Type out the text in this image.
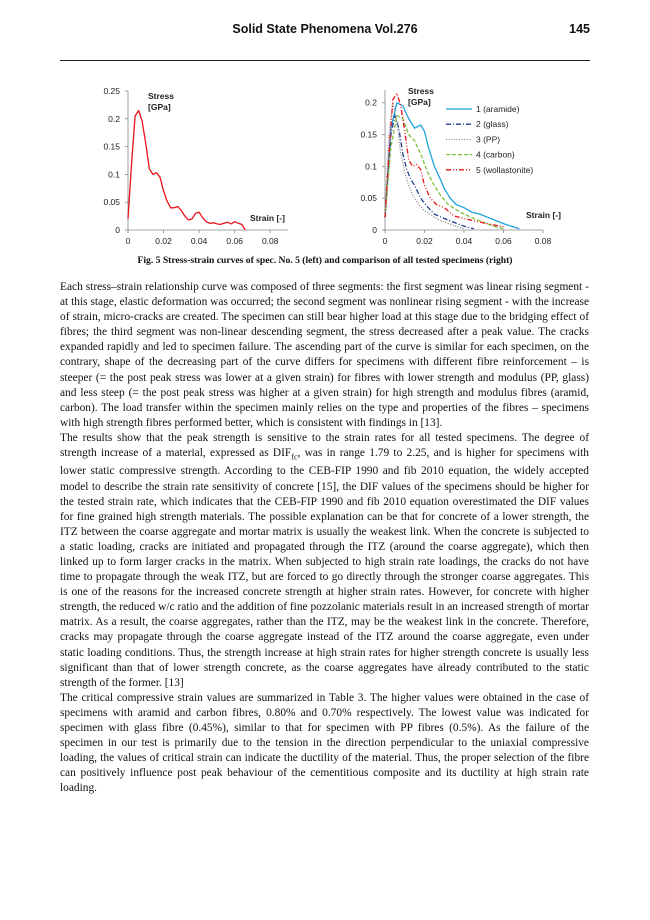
Solid State Phenomena Vol.276	145
0
0.05
0.1
0.15
0.2
0.25
0	0.02 0.04 0.06 0.08
Stress [GPa]
Strain [-]
0
0.05
0.1
0.15
0.2
0	0.02	0.04	0.06	0.08
Stress [GPa]
Strain [-]
1 (aramide)
2 (glass)
3 (PP)
4 (carbon)
5 (wollastonite)
Fig. 5 Stress-strain curves of spec. No. 5 (left) and comparison of all tested specimens (right)

Each stress–strain relationship curve was composed of three segments: the first segment was linear rising segment - at this stage, elastic deformation was occurred; the second segment was nonlinear rising segment - with the increase of strain, micro-cracks are created. The specimen can still bear higher load at this stage due to the bridging effect of fibres; the third segment was non-linear descending segment, the stress decreased after a peak value. The cracks expanded rapidly and led to specimen failure. The ascending part of the curve is similar for each specimen, on the contrary, shape of the decreasing part of the curve differs for specimens with different fibre reinforcement – is steeper (= the post peak stress was lower at a given strain) for fibres with lower strength and modulus (PP, glass) and less steep (= the post peak stress was higher at a given strain) for high strength and modulus fibres (aramid, carbon). The load transfer within the specimen mainly relies on the type and properties of the fibres – specimens with high strength fibres performed better, which is consistent with findings in [13].

The results show that the peak strength is sensitive to the strain rates for all tested specimens. The degree of strength increase of a material, expressed as $DIF_{fc}$, was in range 1.79 to 2.25, and is higher for specimens with lower static compressive strength. According to the CEB-FIP 1990 and fib 2010 equation, the widely accepted model to describe the strain rate sensitivity of concrete [15], the DIF values of the specimens should be higher for the tested strain rate, which indicates that the CEB-FIP 1990 and fib 2010 equation overestimated the DIF values for fine grained high strength materials. The possible explanation can be that for concrete of a lower strength, the ITZ between the coarse aggregate and mortar matrix is usually the weakest link. When the concrete is subjected to a static loading, cracks are initiated and propagated through the ITZ (around the coarse aggregate), which then linked up to form larger cracks in the matrix. When subjected to high strain rate loadings, the cracks do not have time to propagate through the weak ITZ, but are forced to go directly through the stronger coarse aggregates. This is one of the reasons for the increased concrete strength at higher strain rates. However, for concrete with higher strength, the reduced w/c ratio and the addition of fine pozzolanic materials result in an increased strength of mortar matrix. As a result, the coarse aggregates, rather than the ITZ, may be the weakest link in the concrete. Therefore, cracks may propagate through the coarse aggregate instead of the ITZ around the coarse aggregate, even under static loading conditions. Thus, the strength increase at high strain rates for higher strength concrete is usually less significant than that of lower strength concrete, as the coarse aggregates have already contributed to the static strength of the former. [13]

The critical compressive strain values are summarized in Table 3. The higher values were obtained in the case of specimens with aramid and carbon fibres, 0.80% and 0.70% respectively. The lowest value was indicated for specimen with glass fibre (0.45%), similar to that for specimen with PP fibres (0.5%). As the failure of the specimen in our test is primarily due to the tension in the direction perpendicular to the uniaxial compressive loading, the values of critical strain can indicate the ductility of the material. Thus, the proper selection of the fibre can positively influence post peak behaviour of the cementitious composite and its ductility at high strain rate loading.
